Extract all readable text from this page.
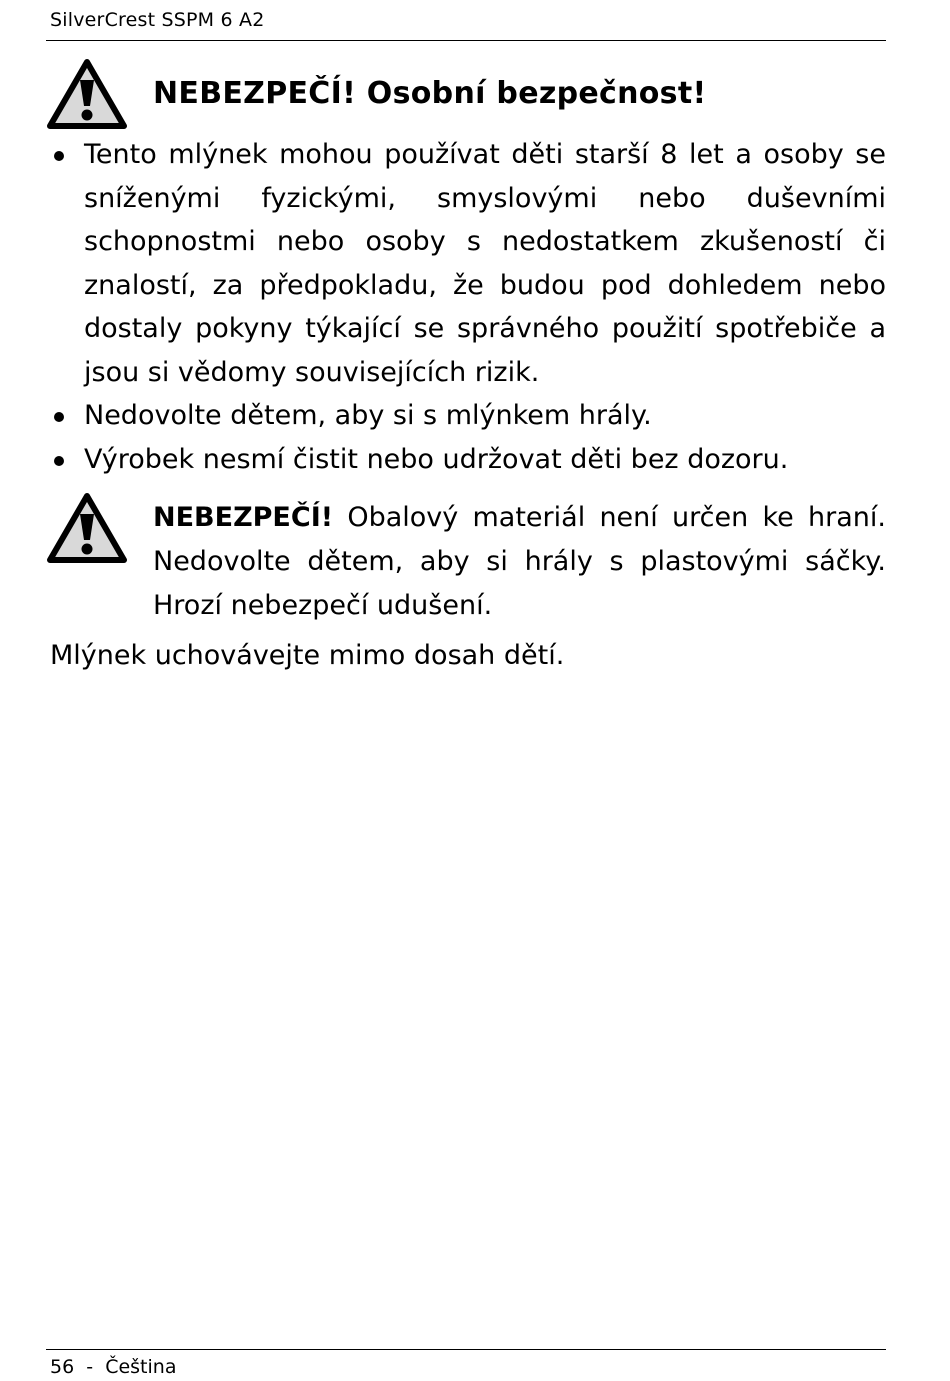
SilverCrest SSPM 6 A2
NEBEZPEČÍ! Osobní bezpečnost!
Tento mlýnek mohou používat děti starší 8 let a osoby se sníženými fyzickými, smyslovými nebo duševními schopnostmi nebo osoby s nedostatkem zkušeností či znalostí, za předpokladu, že budou pod dohledem nebo dostaly pokyny týkající se správného použití spotřebiče a jsou si vědomy souvisejících rizik.
Nedovolte dětem, aby si s mlýnkem hrály.
Výrobek nesmí čistit nebo udržovat děti bez dozoru.
NEBEZPEČÍ! Obalový materiál není určen ke hraní. Nedovolte dětem, aby si hrály s plastovými sáčky. Hrozí nebezpečí udušení.
Mlýnek uchovávejte mimo dosah dětí.
56  -  Čeština
